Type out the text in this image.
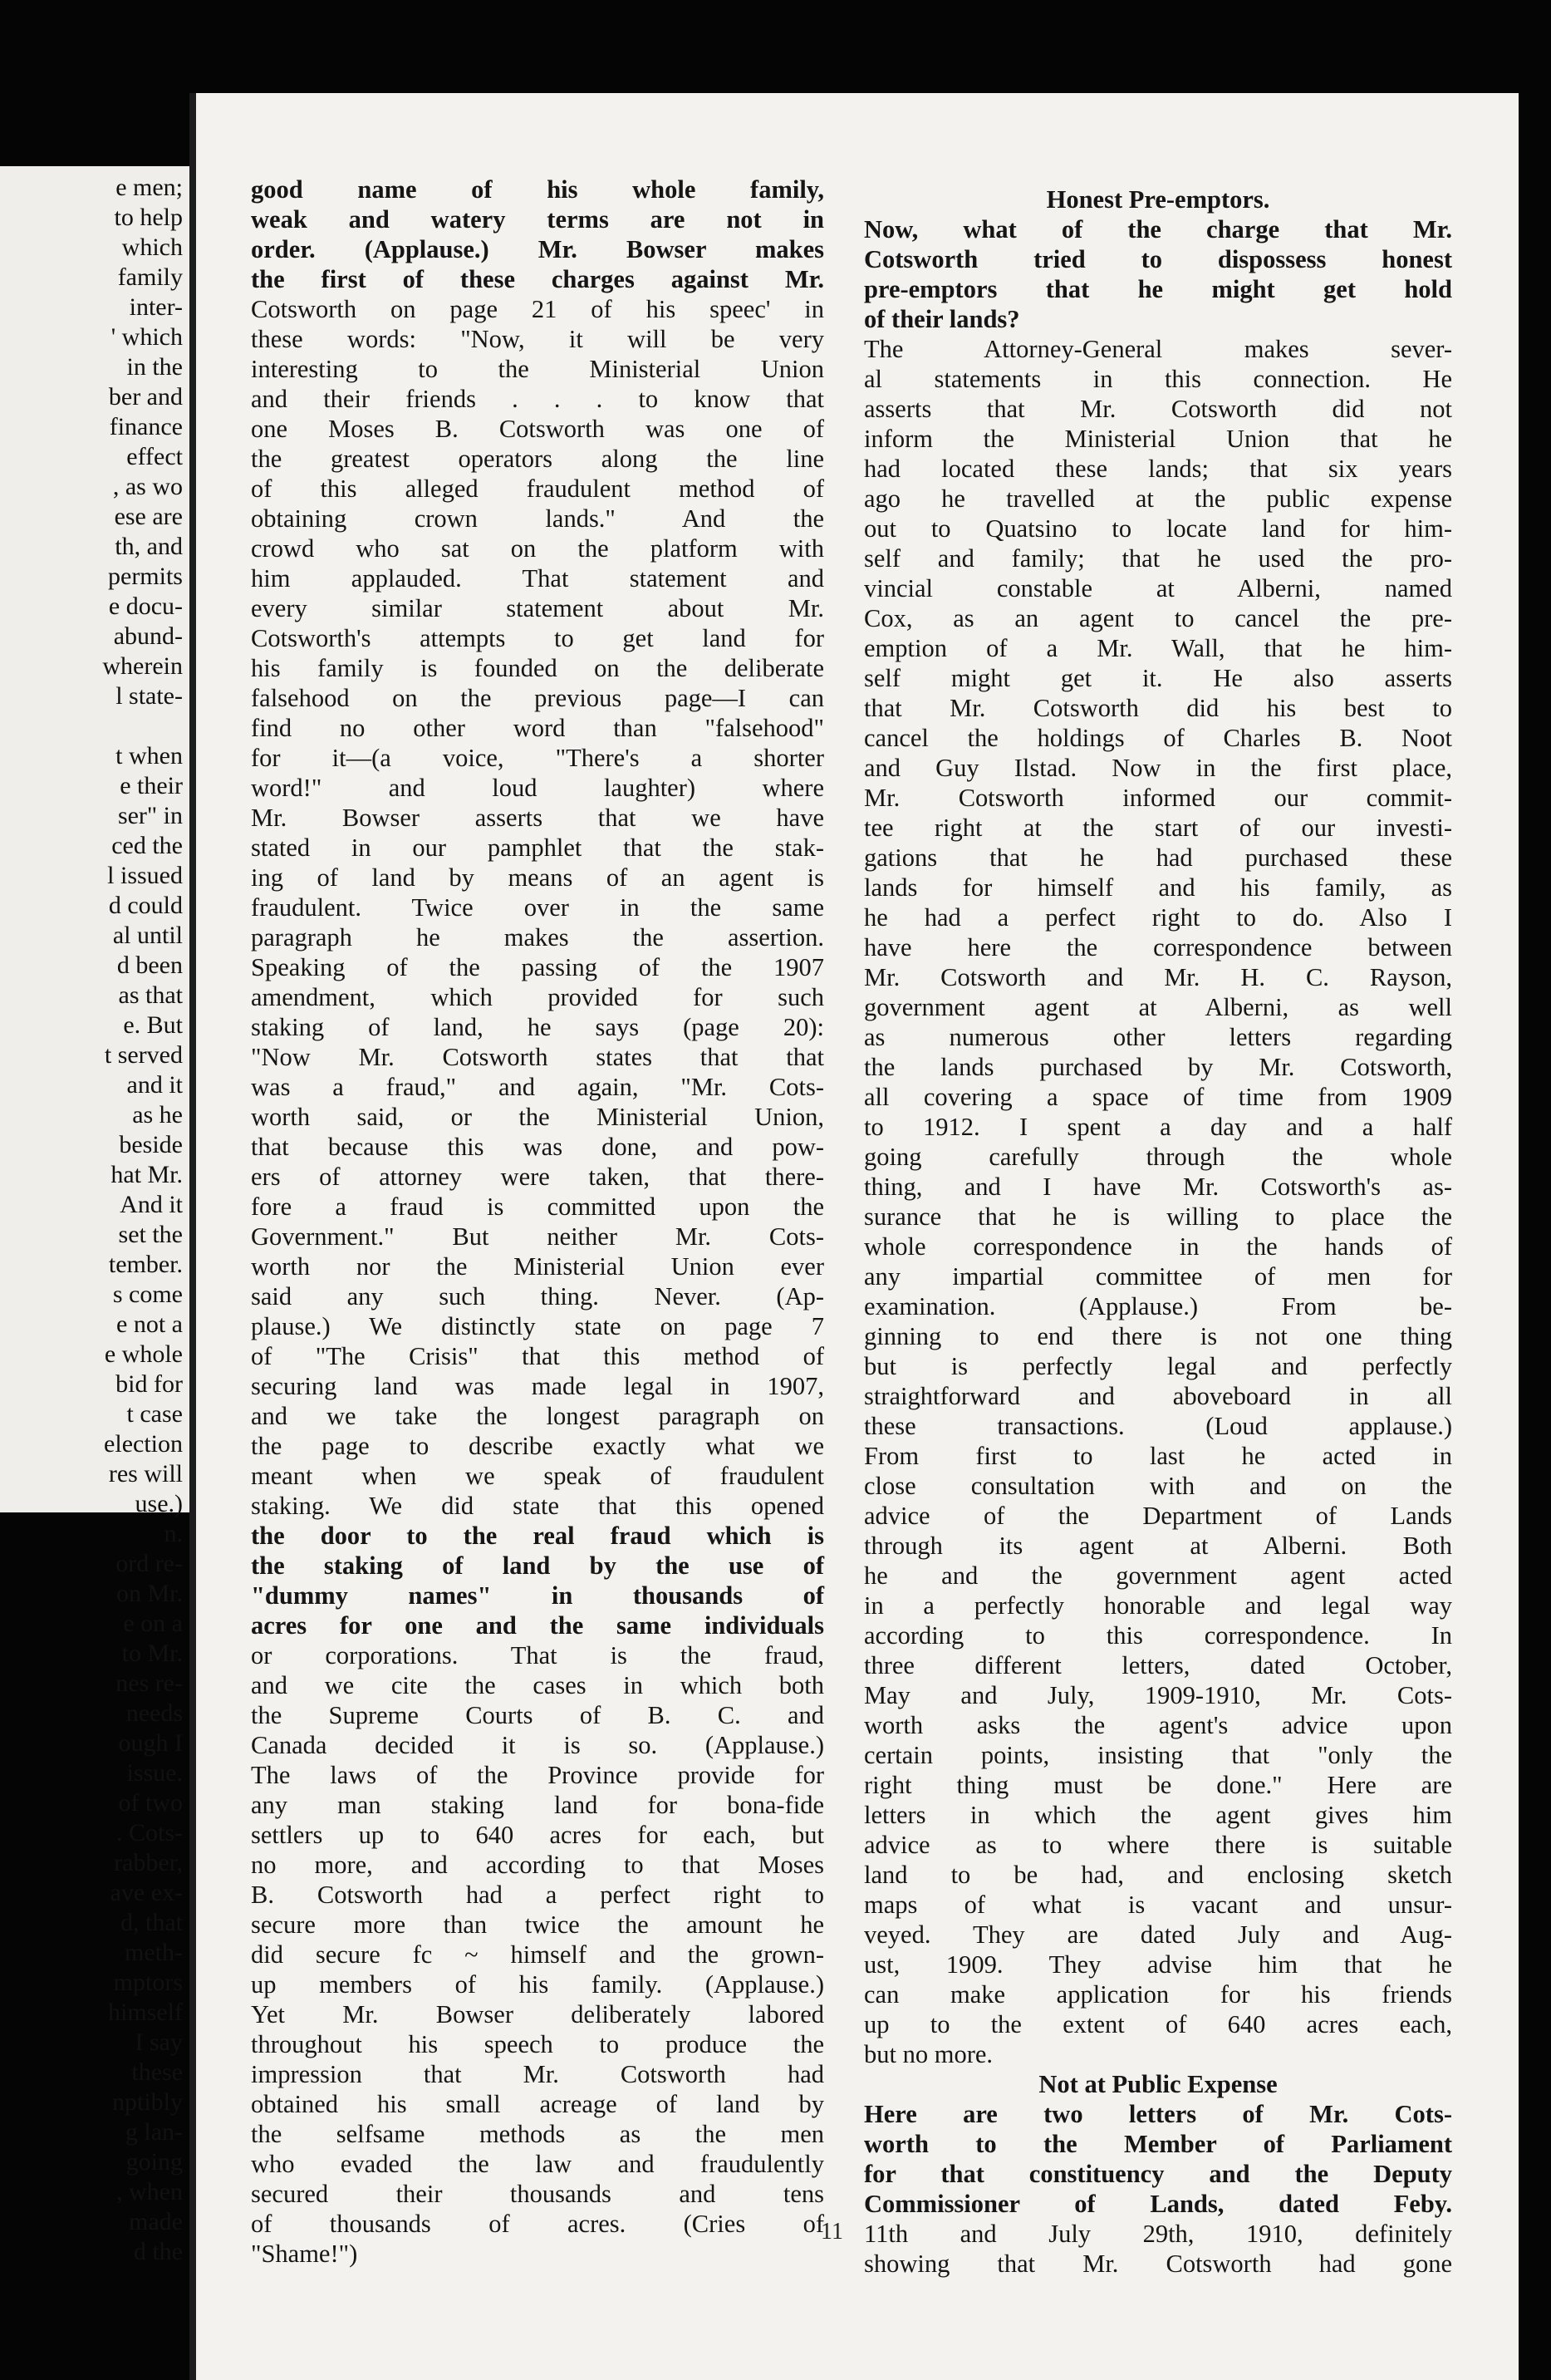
e men;
to help
which
family
inter-
' which
in the
ber and
finance
effect
, as wo
ese are
th, and
permits
e docu-
abund-
wherein
l state-
t when
e their
ser" in
ced the
l issued
d could
al until
d been
as that
e. But
t served
and it
as he
beside
hat Mr.
And it
set the
tember.
s come
e not a
e whole
bid for
t case
election
res will
use.)
n.
ord re-
on Mr.
e on a
to Mr.
nes re-
needs
ough I
issue.
of two
. Cots-
rabber,
ave ex-
d, that
meth-
mptors
himself
I say
these
nptibly
g lan-
going
, when
made
d the
good name of his whole family,
weak and watery terms are not in
order. (Applause.) Mr. Bowser makes
the first of these charges against Mr.
Cotsworth on page 21 of his speec' in
these words: "Now, it will be very
interesting to the Ministerial Union
and their friends . . . to know that
one Moses B. Cotsworth was one of
the greatest operators along the line
of this alleged fraudulent method of
obtaining crown lands." And the
crowd who sat on the platform with
him applauded. That statement and
every similar statement about Mr.
Cotsworth's attempts to get land for
his family is founded on the deliberate
falsehood on the previous page—I can
find no other word than "falsehood"
for it—(a voice, "There's a shorter
word!" and loud laughter) where
Mr. Bowser asserts that we have
stated in our pamphlet that the stak-
ing of land by means of an agent is
fraudulent. Twice over in the same
paragraph he makes the assertion.
Speaking of the passing of the 1907
amendment, which provided for such
staking of land, he says (page 20):
"Now Mr. Cotsworth states that that
was a fraud," and again, "Mr. Cots-
worth said, or the Ministerial Union,
that because this was done, and pow-
ers of attorney were taken, that there-
fore a fraud is committed upon the
Government." But neither Mr. Cots-
worth nor the Ministerial Union ever
said any such thing. Never. (Ap-
plause.) We distinctly state on page 7
of "The Crisis" that this method of
securing land was made legal in 1907,
and we take the longest paragraph on
the page to describe exactly what we
meant when we speak of fraudulent
staking. We did state that this opened
the door to the real fraud which is
the staking of land by the use of
"dummy names" in thousands of
acres for one and the same individuals
or corporations. That is the fraud,
and we cite the cases in which both
the Supreme Courts of B. C. and
Canada decided it is so. (Applause.)
The laws of the Province provide for
any man staking land for bona-fide
settlers up to 640 acres for each, but
no more, and according to that Moses
B. Cotsworth had a perfect right to
secure more than twice the amount he
did secure fc ~ himself and the grown-
up members of his family. (Applause.)
Yet Mr. Bowser deliberately labored
throughout his speech to produce the
impression that Mr. Cotsworth had
obtained his small acreage of land by
the selfsame methods as the men
who evaded the law and fraudulently
secured their thousands and tens
of thousands of acres. (Cries of
"Shame!")
Honest Pre-emptors.
Now, what of the charge that Mr.
Cotsworth tried to dispossess honest
pre-emptors that he might get hold
of their lands?
The Attorney-General makes sever-
al statements in this connection. He
asserts that Mr. Cotsworth did not
inform the Ministerial Union that he
had located these lands; that six years
ago he travelled at the public expense
out to Quatsino to locate land for him-
self and family; that he used the pro-
vincial constable at Alberni, named
Cox, as an agent to cancel the pre-
emption of a Mr. Wall, that he him-
self might get it. He also asserts
that Mr. Cotsworth did his best to
cancel the holdings of Charles B. Noot
and Guy Ilstad. Now in the first place,
Mr. Cotsworth informed our commit-
tee right at the start of our investi-
gations that he had purchased these
lands for himself and his family, as
he had a perfect right to do. Also I
have here the correspondence between
Mr. Cotsworth and Mr. H. C. Rayson,
government agent at Alberni, as well
as numerous other letters regarding
the lands purchased by Mr. Cotsworth,
all covering a space of time from 1909
to 1912. I spent a day and a half
going carefully through the whole
thing, and I have Mr. Cotsworth's as-
surance that he is willing to place the
whole correspondence in the hands of
any impartial committee of men for
examination. (Applause.) From be-
ginning to end there is not one thing
but is perfectly legal and perfectly
straightforward and aboveboard in all
these transactions. (Loud applause.)
From first to last he acted in
close consultation with and on the
advice of the Department of Lands
through its agent at Alberni. Both
he and the government agent acted
in a perfectly honorable and legal way
according to this correspondence. In
three different letters, dated October,
May and July, 1909-1910, Mr. Cots-
worth asks the agent's advice upon
certain points, insisting that "only the
right thing must be done." Here are
letters in which the agent gives him
advice as to where there is suitable
land to be had, and enclosing sketch
maps of what is vacant and unsur-
veyed. They are dated July and Aug-
ust, 1909. They advise him that he
can make application for his friends
up to the extent of 640 acres each,
but no more.
Not at Public Expense
Here are two letters of Mr. Cots-
worth to the Member of Parliament
for that constituency and the Deputy
Commissioner of Lands, dated Feby.
11th and July 29th, 1910, definitely
showing that Mr. Cotsworth had gone
11
